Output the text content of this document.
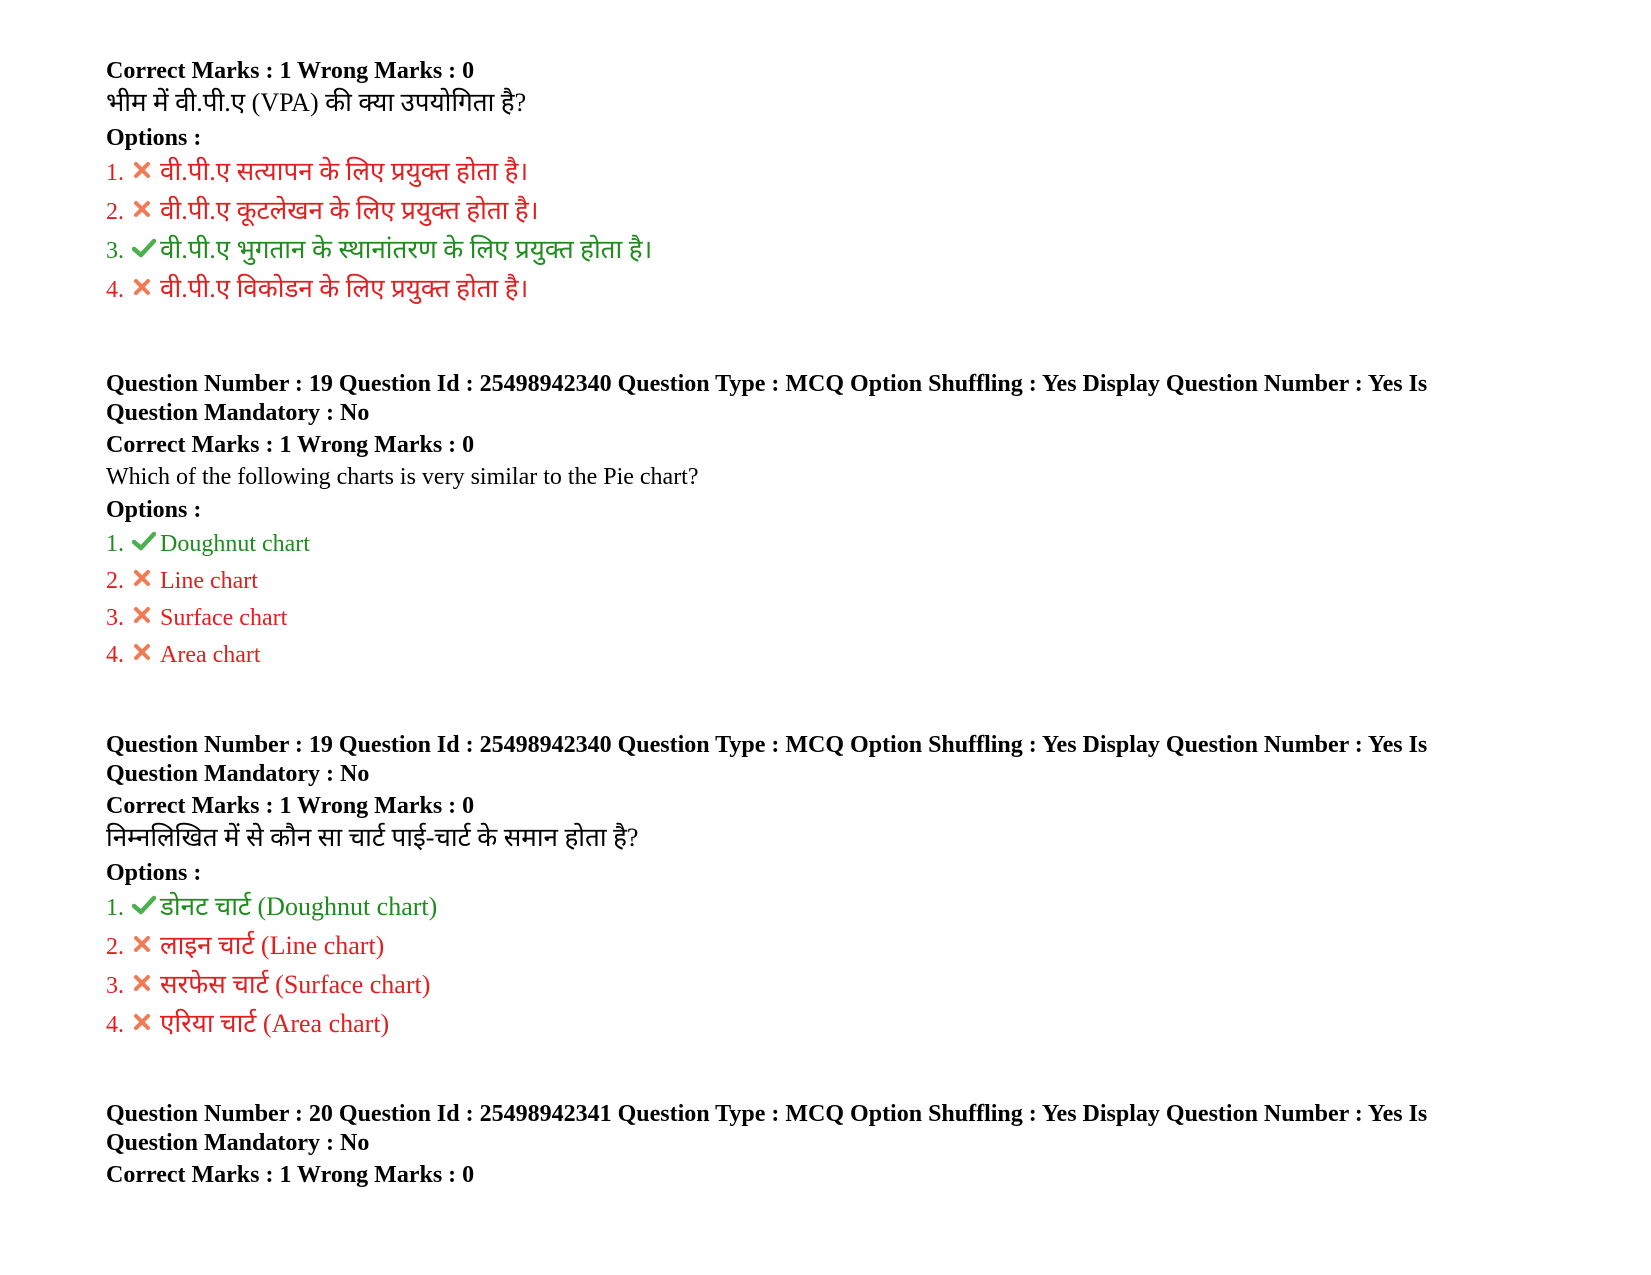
Correct Marks : 1 Wrong Marks : 0
भीम में वी.पी.ए (VPA) की क्या उपयोगिता है?
Options :
1. वी.पी.ए सत्यापन के लिए प्रयुक्त होता है।
2. वी.पी.ए कूटलेखन के लिए प्रयुक्त होता है।
3. वी.पी.ए भुगतान के स्थानांतरण के लिए प्रयुक्त होता है।
4. वी.पी.ए विकोडन के लिए प्रयुक्त होता है।
Question Number : 19 Question Id : 25498942340 Question Type : MCQ Option Shuffling : Yes Display Question Number : Yes Is
Question Mandatory : No
Correct Marks : 1 Wrong Marks : 0
Which of the following charts is very similar to the Pie chart?
Options :
1. Doughnut chart
2. Line chart
3. Surface chart
4. Area chart
Question Number : 19 Question Id : 25498942340 Question Type : MCQ Option Shuffling : Yes Display Question Number : Yes Is
Question Mandatory : No
Correct Marks : 1 Wrong Marks : 0
निम्नलिखित में से कौन सा चार्ट पाई-चार्ट के समान होता है?
Options :
1. डोनट चार्ट (Doughnut chart)
2. लाइन चार्ट (Line chart)
3. सरफेस चार्ट (Surface chart)
4. एरिया चार्ट (Area chart)
Question Number : 20 Question Id : 25498942341 Question Type : MCQ Option Shuffling : Yes Display Question Number : Yes Is
Question Mandatory : No
Correct Marks : 1 Wrong Marks : 0
